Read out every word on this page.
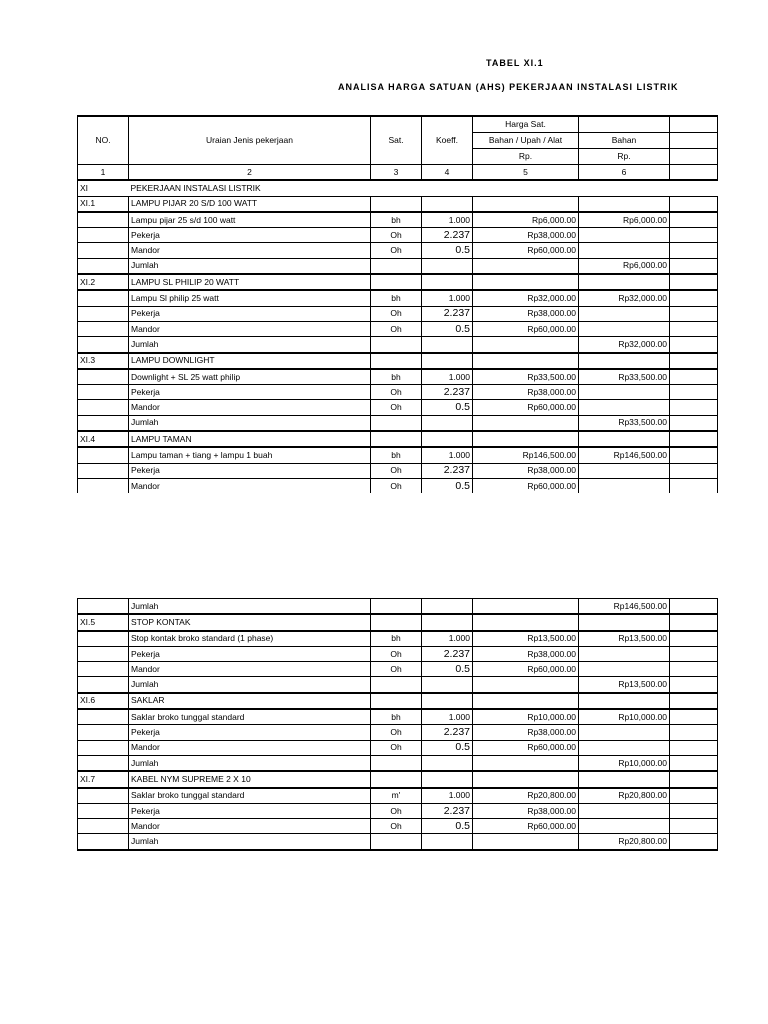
TABEL XI.1
ANALISA HARGA SATUAN (AHS) PEKERJAAN INSTALASI LISTRIK
NO.	Uraian Jenis pekerjaan	Sat.	Koeff.	Harga Sat.		
				Bahan / Upah / Alat	Bahan	
				Rp.	Rp.	
1	2	3	4	5	6	
XI	PEKERJAAN INSTALASI LISTRIK					
XI.1	LAMPU PIJAR 20 S/D 100 WATT					
	Lampu pijar 25 s/d 100 watt	bh	1.000	Rp6,000.00	Rp6,000.00	
	Pekerja	Oh	2.237	Rp38,000.00		
	Mandor	Oh	0.5	Rp60,000.00		
	Jumlah				Rp6,000.00	
XI.2	LAMPU SL PHILIP 20 WATT					
	Lampu Sl philip 25 watt	bh	1.000	Rp32,000.00	Rp32,000.00	
	Pekerja	Oh	2.237	Rp38,000.00		
	Mandor	Oh	0.5	Rp60,000.00		
	Jumlah				Rp32,000.00	
XI.3	LAMPU DOWNLIGHT					
	Downlight + SL 25 watt philip	bh	1.000	Rp33,500.00	Rp33,500.00	
	Pekerja	Oh	2.237	Rp38,000.00		
	Mandor	Oh	0.5	Rp60,000.00		
	Jumlah				Rp33,500.00	
XI.4	LAMPU TAMAN					
	Lampu taman + tiang + lampu 1 buah	bh	1.000	Rp146,500.00	Rp146,500.00	
	Pekerja	Oh	2.237	Rp38,000.00		
	Mandor	Oh	0.5	Rp60,000.00		
	Jumlah				Rp146,500.00	
XI.5	STOP KONTAK					
	Stop kontak broko standard (1 phase)	bh	1.000	Rp13,500.00	Rp13,500.00	
	Pekerja	Oh	2.237	Rp38,000.00		
	Mandor	Oh	0.5	Rp60,000.00		
	Jumlah				Rp13,500.00	
XI.6	SAKLAR					
	Saklar broko tunggal standard	bh	1.000	Rp10,000.00	Rp10,000.00	
	Pekerja	Oh	2.237	Rp38,000.00		
	Mandor	Oh	0.5	Rp60,000.00		
	Jumlah				Rp10,000.00	
XI.7	KABEL NYM SUPREME 2 X 10					
	Saklar broko tunggal standard	m'	1.000	Rp20,800.00	Rp20,800.00	
	Pekerja	Oh	2.237	Rp38,000.00		
	Mandor	Oh	0.5	Rp60,000.00		
	Jumlah				Rp20,800.00	
